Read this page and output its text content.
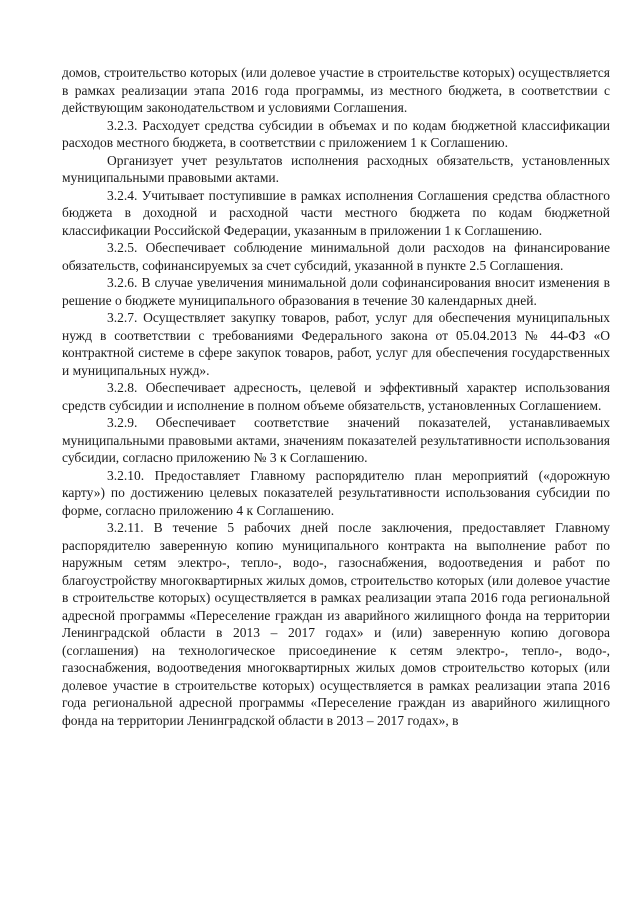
домов, строительство которых (или долевое участие в строительстве которых) осуществляется в рамках реализации этапа 2016 года программы, из местного бюджета, в соответствии с действующим законодательством и условиями Соглашения.

3.2.3. Расходует средства субсидии в объемах и по кодам бюджетной классификации расходов местного бюджета, в соответствии с приложением 1 к Соглашению.

Организует учет результатов исполнения расходных обязательств, установленных муниципальными правовыми актами.

3.2.4. Учитывает поступившие в рамках исполнения Соглашения средства областного бюджета в доходной и расходной части местного бюджета по кодам бюджетной классификации Российской Федерации, указанным в приложении 1 к Соглашению.

3.2.5. Обеспечивает соблюдение минимальной доли расходов на финансирование обязательств, софинансируемых за счет субсидий, указанной в пункте 2.5 Соглашения.

3.2.6. В случае увеличения минимальной доли софинансирования вносит изменения в решение о бюджете муниципального образования в течение 30 календарных дней.

3.2.7. Осуществляет закупку товаров, работ, услуг для обеспечения муниципальных нужд в соответствии с требованиями Федерального закона от 05.04.2013 № 44-ФЗ «О контрактной системе в сфере закупок товаров, работ, услуг для обеспечения государственных и муниципальных нужд».

3.2.8. Обеспечивает адресность, целевой и эффективный характер использования средств субсидии и исполнение в полном объеме обязательств, установленных Соглашением.

3.2.9. Обеспечивает соответствие значений показателей, устанавливаемых муниципальными правовыми актами, значениям показателей результативности использования субсидии, согласно приложению № 3 к Соглашению.

3.2.10. Предоставляет Главному распорядителю план мероприятий («дорожную карту») по достижению целевых показателей результативности использования субсидии по форме, согласно приложению 4 к Соглашению.

3.2.11. В течение 5 рабочих дней после заключения, предоставляет Главному распорядителю заверенную копию муниципального контракта на выполнение работ по наружным сетям электро-, тепло-, водо-, газоснабжения, водоотведения и работ по благоустройству многоквартирных жилых домов, строительство которых (или долевое участие в строительстве которых) осуществляется в рамках реализации этапа 2016 года региональной адресной программы «Переселение граждан из аварийного жилищного фонда на территории Ленинградской области в 2013 – 2017 годах» и (или) заверенную копию договора (соглашения) на технологическое присоединение к сетям электро-, тепло-, водо-, газоснабжения, водоотведения многоквартирных жилых домов строительство которых (или долевое участие в строительстве которых) осуществляется в рамках реализации этапа 2016 года региональной адресной программы «Переселение граждан из аварийного жилищного фонда на территории Ленинградской области в 2013 – 2017 годах», в
